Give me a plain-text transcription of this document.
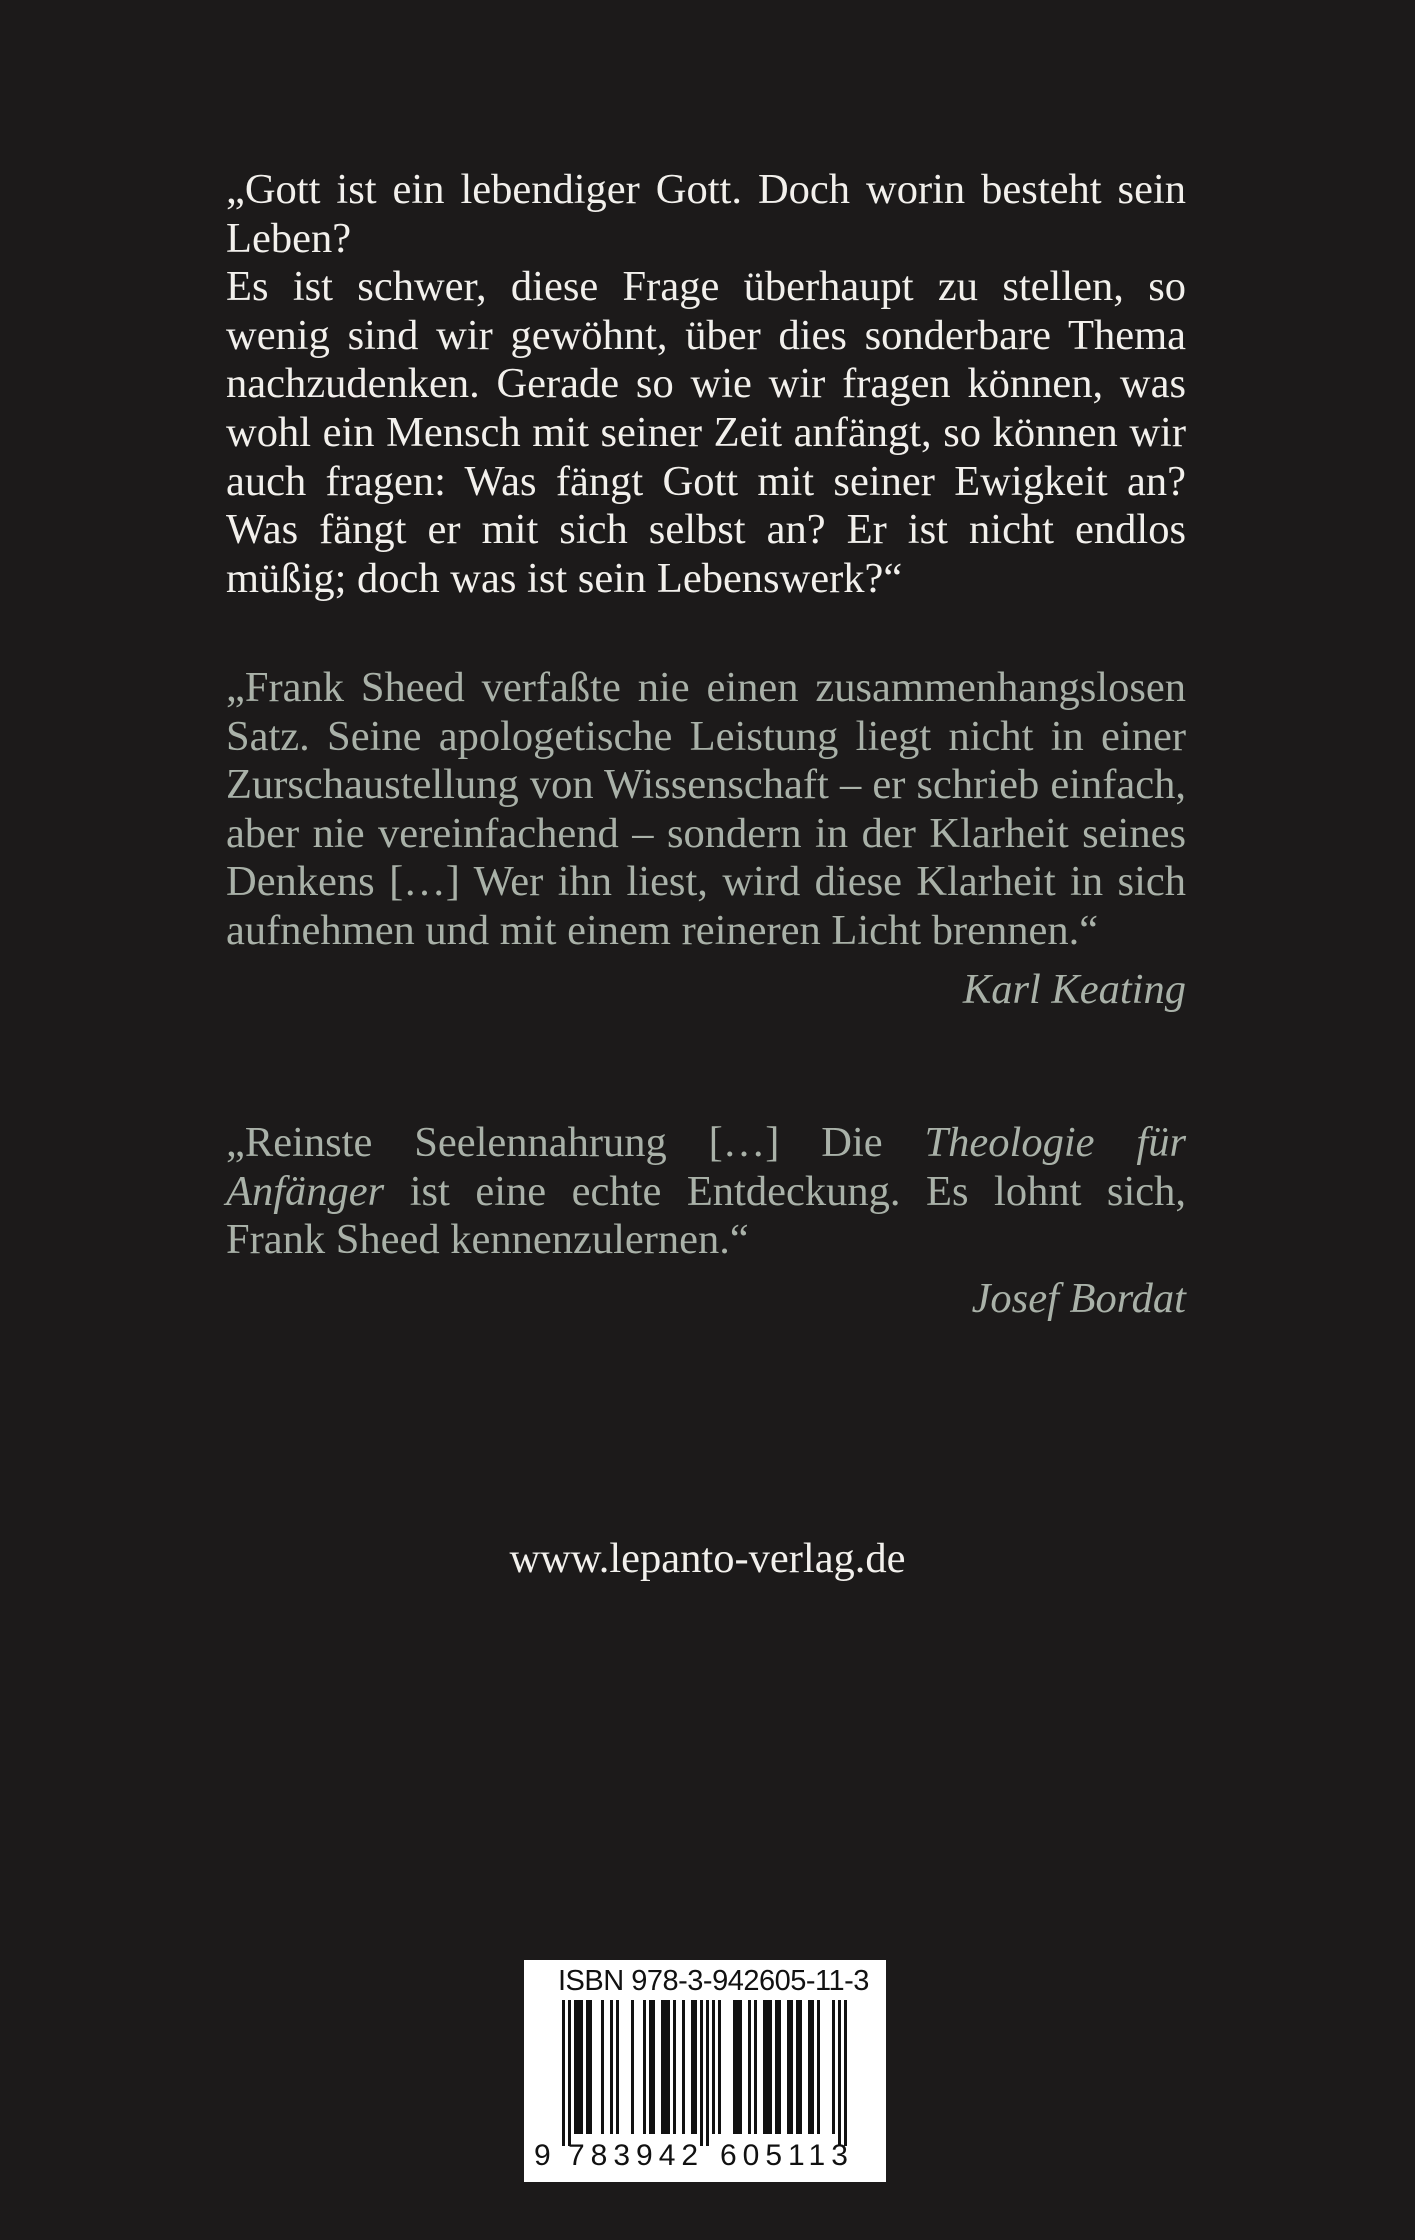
„Gott ist ein lebendiger Gott. Doch worin besteht sein Leben?

Es ist schwer, diese Frage überhaupt zu stellen, so wenig sind wir gewöhnt, über dies sonderbare Thema nachzudenken. Gerade so wie wir fragen können, was wohl ein Mensch mit seiner Zeit anfängt, so können wir auch fragen: Was fängt Gott mit seiner Ewigkeit an? Was fängt er mit sich selbst an? Er ist nicht endlos müßig; doch was ist sein Lebenswerk?“

„Frank Sheed verfaßte nie einen zusammenhangslosen Satz. Seine apologetische Leistung liegt nicht in einer Zurschaustellung von Wissenschaft – er schrieb einfach, aber nie vereinfachend – sondern in der Klarheit seines Denkens […] Wer ihn liest, wird diese Klarheit in sich aufnehmen und mit einem reineren Licht brennen.“

Karl Keating

„Reinste Seelennahrung […] Die Theologie für Anfänger ist eine echte Entdeckung. Es lohnt sich, Frank Sheed kennenzulernen.“

Josef Bordat

www.lepanto-verlag.de
ISBN 978-3-942605-11-3
9 783942 605113
